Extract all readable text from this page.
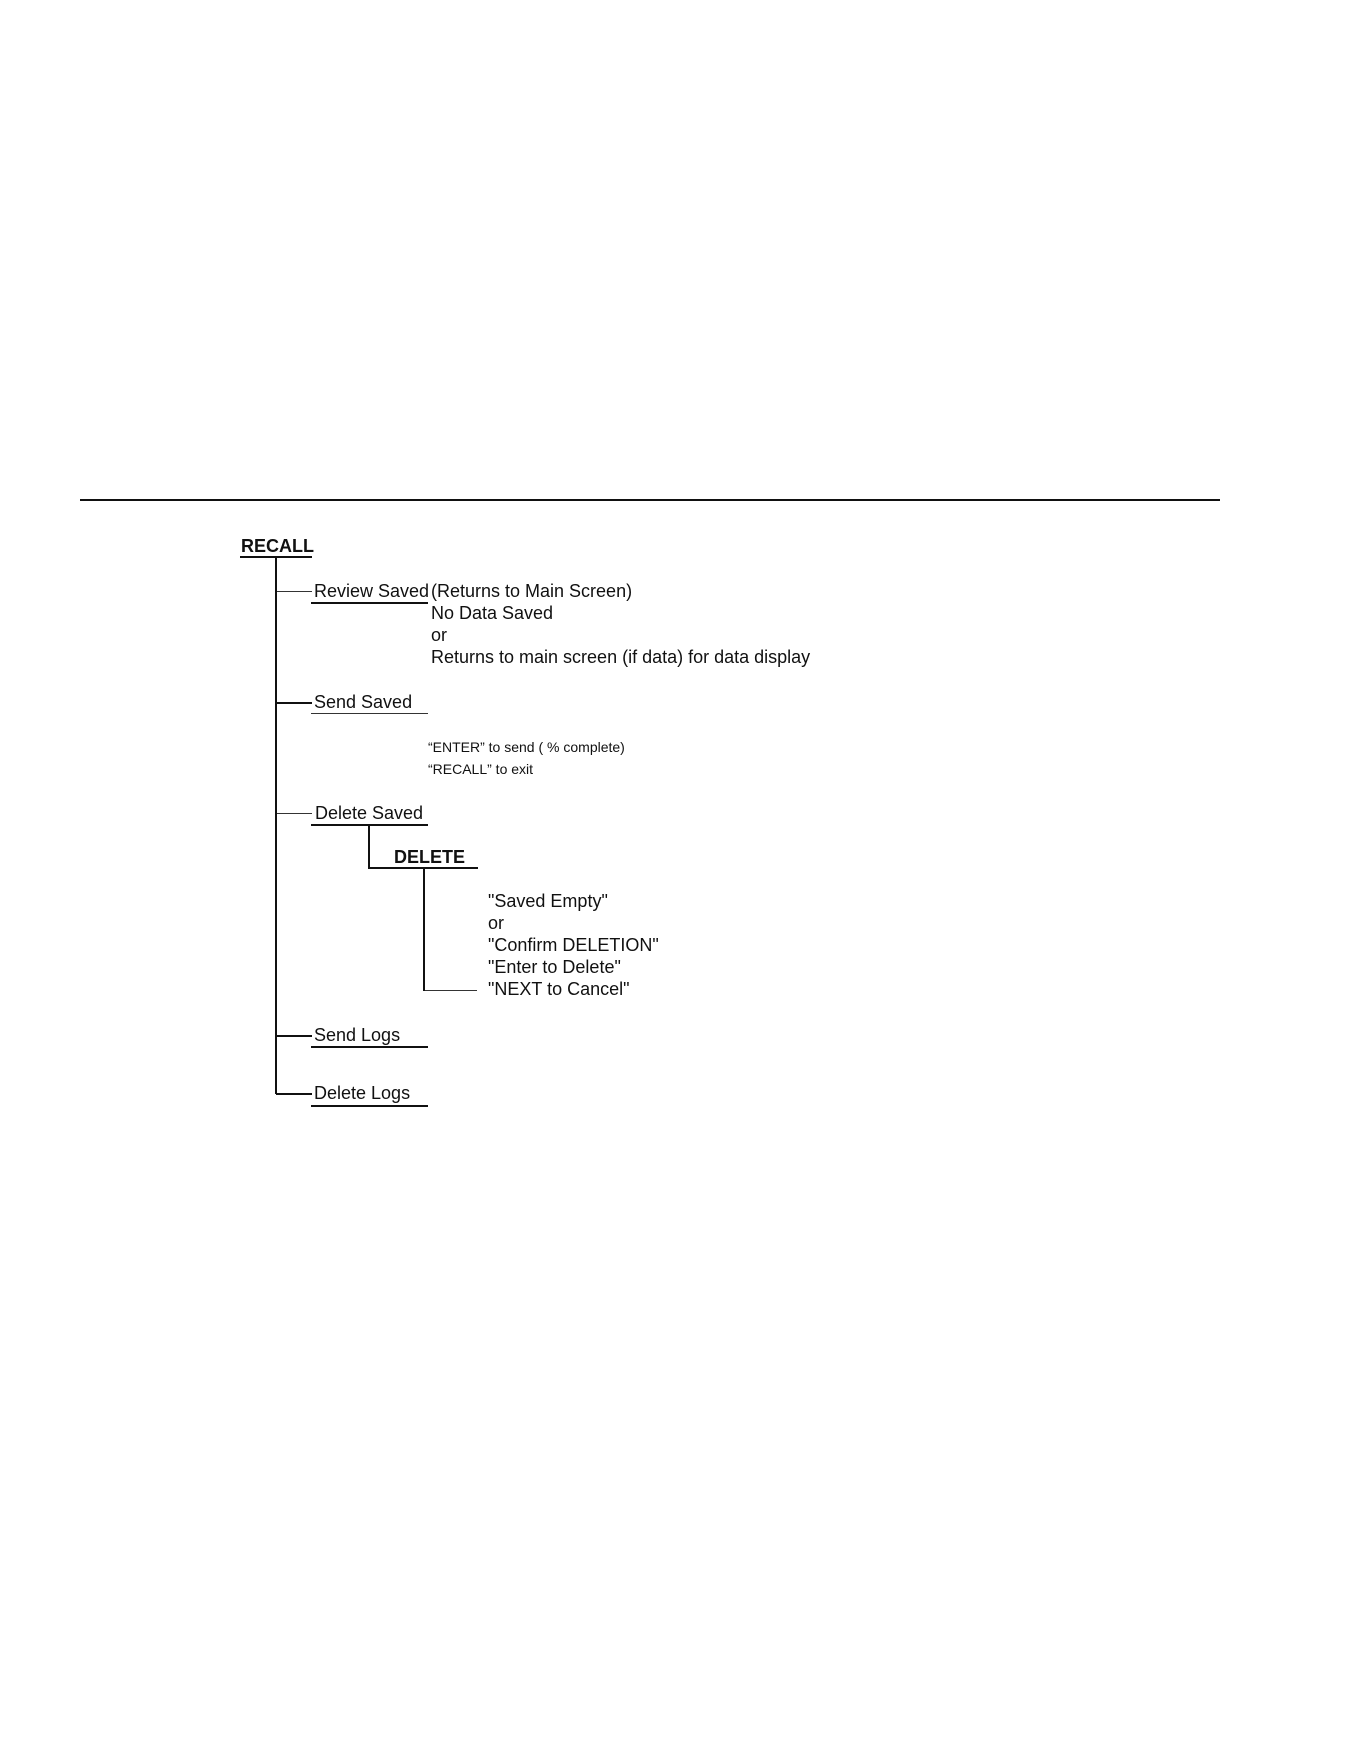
RECALL
Review Saved (Returns to Main Screen)
No Data Saved
or
Returns to main screen (if data) for data display
Send Saved
“ENTER” to send ( % complete)
“RECALL” to exit
Delete Saved
DELETE
"Saved Empty"
or
"Confirm DELETION"
"Enter to Delete"
"NEXT to Cancel"
Send Logs
Delete Logs
